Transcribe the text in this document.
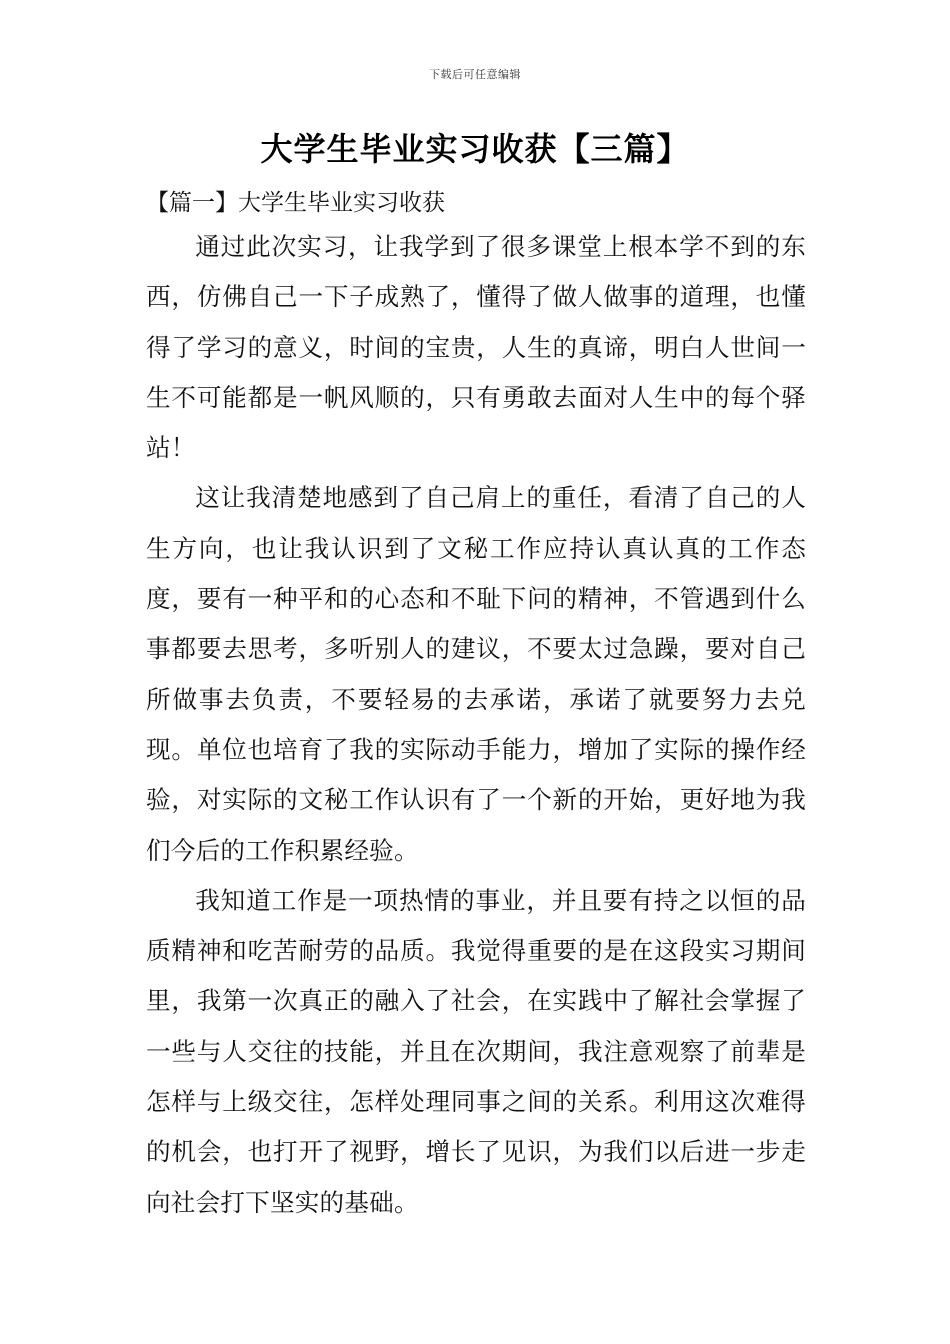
下载后可任意编辑
大学生毕业实习收获【三篇】
【篇一】大学生毕业实习收获

通过此次实习，让我学到了很多课堂上根本学不到的东西，仿佛自己一下子成熟了，懂得了做人做事的道理，也懂得了学习的意义，时间的宝贵，人生的真谛，明白人世间一生不可能都是一帆风顺的，只有勇敢去面对人生中的每个驿站！

这让我清楚地感到了自己肩上的重任，看清了自己的人生方向，也让我认识到了文秘工作应持认真认真的工作态度，要有一种平和的心态和不耻下问的精神，不管遇到什么事都要去思考，多听别人的建议，不要太过急躁，要对自己所做事去负责，不要轻易的去承诺，承诺了就要努力去兑现。单位也培育了我的实际动手能力，增加了实际的操作经验，对实际的文秘工作认识有了一个新的开始，更好地为我们今后的工作积累经验。

我知道工作是一项热情的事业，并且要有持之以恒的品质精神和吃苦耐劳的品质。我觉得重要的是在这段实习期间里，我第一次真正的融入了社会，在实践中了解社会掌握了一些与人交往的技能，并且在次期间，我注意观察了前辈是怎样与上级交往，怎样处理同事之间的关系。利用这次难得的机会，也打开了视野，增长了见识，为我们以后进一步走向社会打下坚实的基础。
